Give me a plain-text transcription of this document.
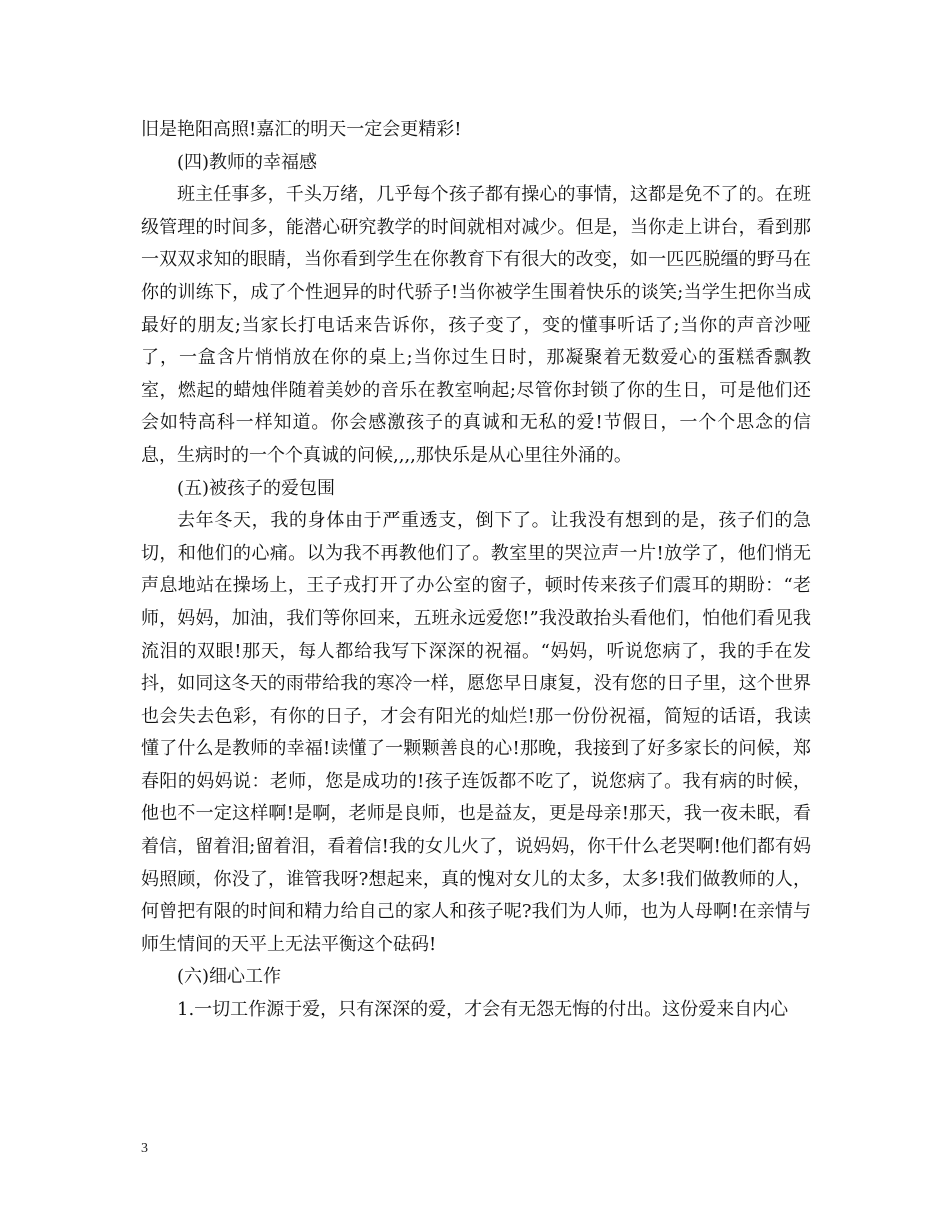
旧是艳阳高照!嘉汇的明天一定会更精彩!

(四)教师的幸福感

班主任事多，千头万绪，几乎每个孩子都有操心的事情，这都是免不了的。在班级管理的时间多，能潜心研究教学的时间就相对减少。但是，当你走上讲台，看到那一双双求知的眼睛，当你看到学生在你教育下有很大的改变，如一匹匹脱缰的野马在你的训练下，成了个性迥异的时代骄子!当你被学生围着快乐的谈笑;当学生把你当成最好的朋友;当家长打电话来告诉你，孩子变了，变的懂事听话了;当你的声音沙哑了，一盒含片悄悄放在你的桌上;当你过生日时，那凝聚着无数爱心的蛋糕香飘教室，燃起的蜡烛伴随着美妙的音乐在教室响起;尽管你封锁了你的生日，可是他们还会如特高科一样知道。你会感激孩子的真诚和无私的爱!节假日，一个个思念的信息，生病时的一个个真诚的问候,,,,那快乐是从心里往外涌的。

(五)被孩子的爱包围

去年冬天，我的身体由于严重透支，倒下了。让我没有想到的是，孩子们的急切，和他们的心痛。以为我不再教他们了。教室里的哭泣声一片!放学了，他们悄无声息地站在操场上，王子戎打开了办公室的窗子，顿时传来孩子们震耳的期盼：“老师，妈妈，加油，我们等你回来，五班永远爱您!”我没敢抬头看他们，怕他们看见我流泪的双眼!那天，每人都给我写下深深的祝福。“妈妈，听说您病了，我的手在发抖，如同这冬天的雨带给我的寒冷一样，愿您早日康复，没有您的日子里，这个世界也会失去色彩，有你的日子，才会有阳光的灿烂!那一份份祝福，简短的话语，我读懂了什么是教师的幸福!读懂了一颗颗善良的心!那晚，我接到了好多家长的问候，郑春阳的妈妈说：老师，您是成功的!孩子连饭都不吃了，说您病了。我有病的时候，他也不一定这样啊!是啊，老师是良师，也是益友，更是母亲!那天，我一夜未眠，看着信，留着泪;留着泪，看着信!我的女儿火了，说妈妈，你干什么老哭啊!他们都有妈妈照顾，你没了，谁管我呀?想起来，真的愧对女儿的太多，太多!我们做教师的人，何曾把有限的时间和精力给自己的家人和孩子呢?我们为人师，也为人母啊!在亲情与师生情间的天平上无法平衡这个砝码!

(六)细心工作

1.一切工作源于爱，只有深深的爱，才会有无怨无悔的付出。这份爱来自内心

3
